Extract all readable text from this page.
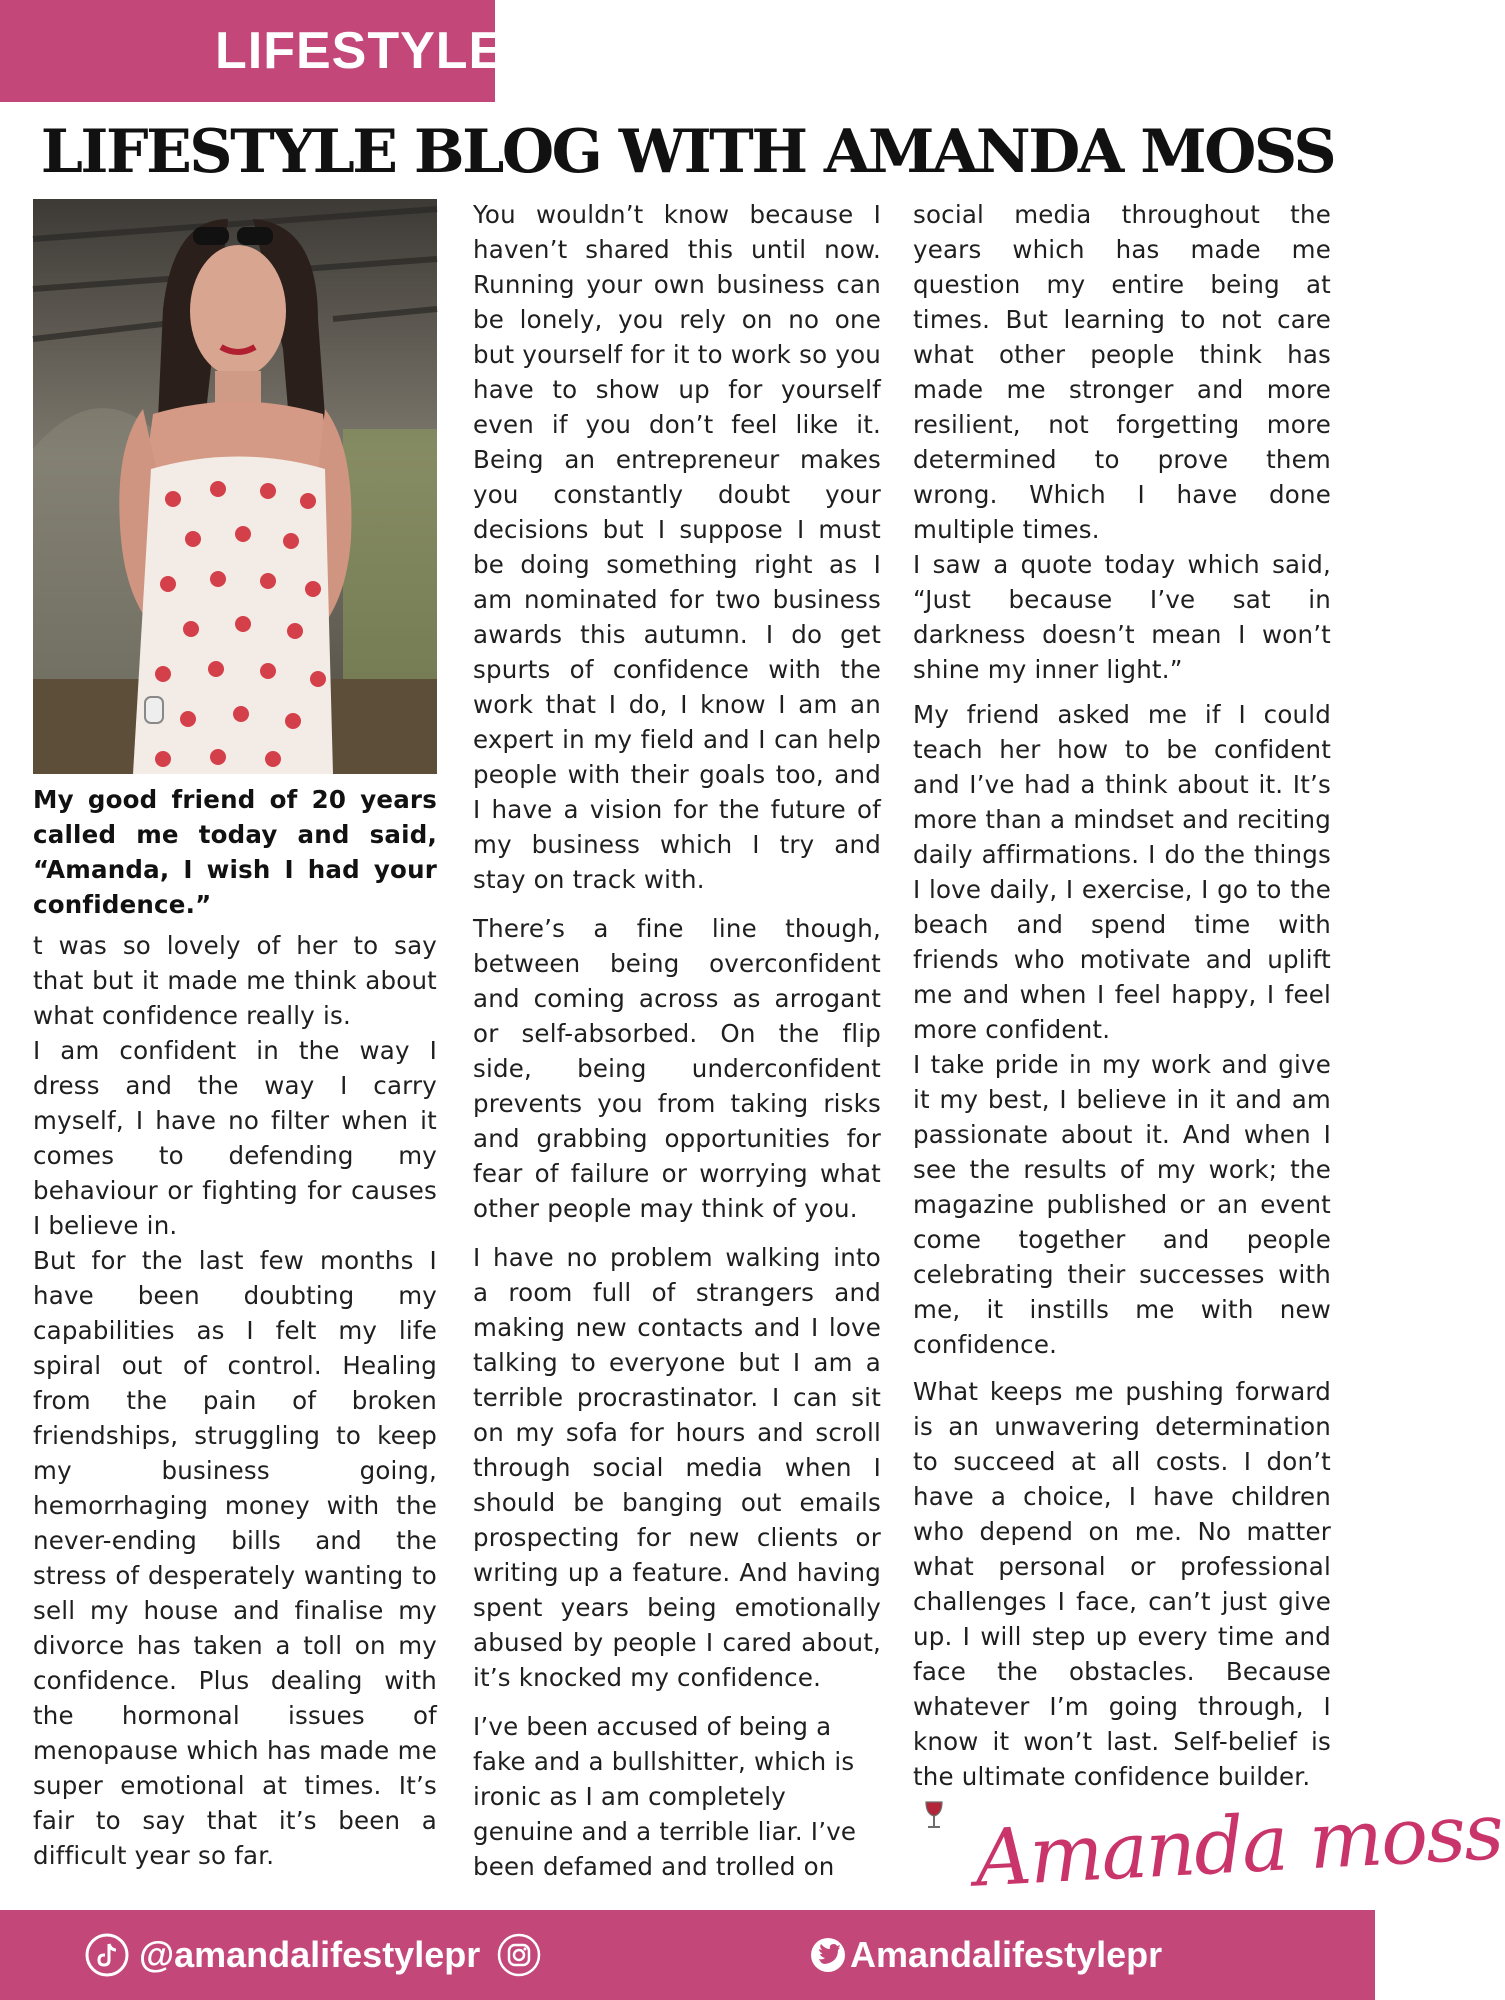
LIFESTYLE
LIFESTYLE BLOG WITH AMANDA MOSS

My good friend of 20 years called me today and said, “Amanda, I wish I had your confidence.”

t was so lovely of her to say that but it made me think about what confidence really is.

I am confident in the way I dress and the way I carry myself, I have no filter when it comes to defending my behaviour or fighting for causes I believe in.

But for the last few months I have been doubting my capabilities as I felt my life spiral out of control. Healing from the pain of broken friendships, struggling to keep my business going, hemorrhaging money with the never-ending bills and the stress of desperately wanting to sell my house and finalise my divorce has taken a toll on my confidence. Plus dealing with the hormonal issues of menopause which has made me super emotional at times. It’s fair to say that it’s been a difficult year so far.

You wouldn’t know because I haven’t shared this until now. Running your own business can be lonely, you rely on no one but yourself for it to work so you have to show up for yourself even if you don’t feel like it. Being an entrepreneur makes you constantly doubt your decisions but I suppose I must be doing something right as I am nominated for two business awards this autumn. I do get spurts of confidence with the work that I do, I know I am an expert in my field and I can help people with their goals too, and I have a vision for the future of my business which I try and stay on track with.

There’s a fine line though, between being overconfident and coming across as arrogant or self-absorbed. On the flip side, being underconfident prevents you from taking risks and grabbing opportunities for fear of failure or worrying what other people may think of you.

I have no problem walking into a room full of strangers and making new contacts and I love talking to everyone but I am a terrible procrastinator. I can sit on my sofa for hours and scroll through social media when I should be banging out emails prospecting for new clients or writing up a feature. And having spent years being emotionally abused by people I cared about, it’s knocked my confidence.

I’ve been accused of being a fake and a bullshitter, which is ironic as I am completely genuine and a terrible liar. I’ve been defamed and trolled on

social media throughout the years which has made me question my entire being at times. But learning to not care what other people think has made me stronger and more resilient, not forgetting more determined to prove them wrong. Which I have done multiple times.

I saw a quote today which said, “Just because I’ve sat in darkness doesn’t mean I won’t shine my inner light.”

My friend asked me if I could teach her how to be confident and I’ve had a think about it. It’s more than a mindset and reciting daily affirmations. I do the things I love daily, I exercise, I go to the beach and spend time with friends who motivate and uplift me and when I feel happy, I feel more confident.

I take pride in my work and give it my best, I believe in it and am passionate about it. And when I see the results of my work; the magazine published or an event come together and people celebrating their successes with me, it instills me with new confidence.

What keeps me pushing forward is an unwavering determination to succeed at all costs. I don’t have a choice, I have children who depend on me. No matter what personal or professional challenges I face, can’t just give up. I will step up every time and face the obstacles. Because whatever I’m going through, I know it won’t last. Self-belief is the ultimate confidence builder.

Amanda moss
@amandalifestylepr	Amandalifestylepr
